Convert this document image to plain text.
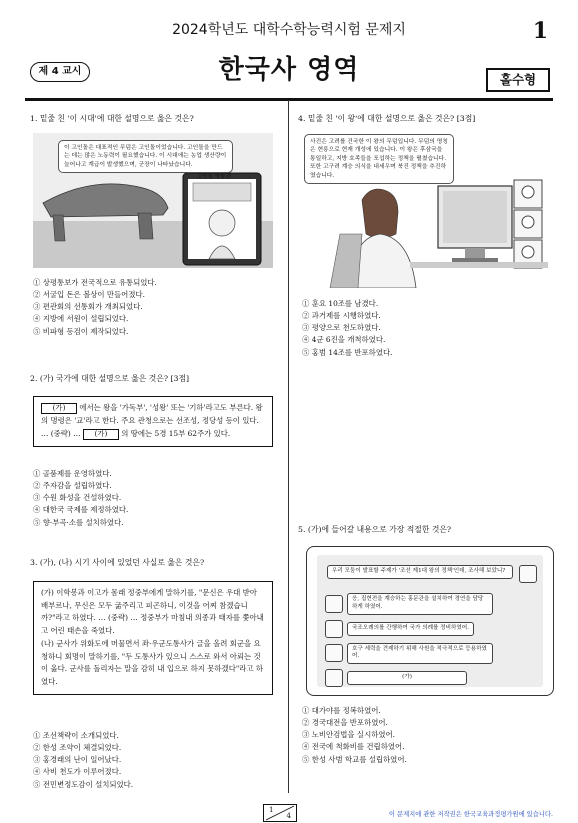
2024학년도 대학수학능력시험 문제지	1
제 4 교시	한국사 영역	홀수형
1. 밑줄 친 '이 시대'에 대한 설명으로 옳은 것은?
이 고인돌은 대표적인 무덤은 고인돌이었습니다. 고인돌을 만드는 데는 많은 노동력이 필요했습니다. 이 시대에는 농업 생산량이 늘어나고 계급이 발생했으며, 군장이 나타났습니다.
고인돌 박물관
① 상평통보가 전국적으로 유통되었다.
② 서굴입 돈은 볼상이 만들어졌다.
③ 편관회의 선통회가 개최되었다.
④ 지방에 서원이 설립되었다.
⑤ 비파형 동검이 제작되었다.
2. (가) 국가에 대한 설명으로 옳은 것은? [3점]
(가) 에서는 왕을 '가독부', '성왕' 또는 '기하'라고도 부른다. 왕의 명령은 '교'라고 한다. 주요 관청으로는 선조성, 정당성 등이 있다. … (중략) … (가) 의 땅에는 5경 15부 62주가 있다.
① 골품제를 운영하였다.
② 주자감을 설립하였다.
③ 수원 화성을 건설하였다.
④ 대한국 국제를 제정하였다.
⑤ 향·부곡·소를 설치하였다.
3. (가), (나) 시기 사이에 있었던 사실로 옳은 것은?
(가) 이학봉과 이고가 몸래 정중부에게 말하기를, "문신은 우대 받아 배부르나, 무신은 모두 굶주리고 피곤하니, 이것을 어찌 참겠습니까?"라고 하였다. … (중략) … 정중부가 마침내 의종과 태자를 쫓아내고 어린 태손을 죽였다.
(나) 군사가 위화도에 머물면서 좌·우군도통사가 글을 올려 회군을 요청하니 회명이 말하기를, "두 도통사가 있으니 스스로 와서 아뢰는 것이 옳다. 군사를 돌리자는 말을 감히 내 입으로 하지 못하겠다"라고 하였다.
① 조선책략이 소개되었다.
② 한성 조약이 체결되었다.
③ 홍경래의 난이 일어났다.
④ 사비 천도가 이루어졌다.
⑤ 전민변정도감이 설치되었다.
4. 밑줄 친 '이 왕'에 대한 설명으로 옳은 것은? [3점]
사진은 고려를 건국한 이 왕의 무덤입니다. 무덤의 명칭은 현릉으로 현재 개성에 있습니다. 이 왕은 후삼국을 통일하고, 지방 호족들을 포섭하는 정책을 펼쳤습니다. 또한 고구려 계승 의식을 내세우며 북진 정책을 추진하였습니다.
① 훈요 10조를 남겼다.
② 과거제를 시행하였다.
③ 평양으로 천도하였다.
④ 4군 6진을 개척하였다.
⑤ 홍범 14조를 반포하였다.
5. (가)에 들어갈 내용으로 가장 적절한 것은?
우리 모둠이 발표할 주제가 '조선 제1대 왕의 정책'인데, 조사해 보았니?
응, 집현전을 계승하는 홍문관을 설치하여 경연을 담당하게 하였어.
국조오례의를 간행하여 국가 의례를 정비하였어.
호구 세력을 견제하기 위해 사원을 적극적으로 등용하였어.
(가)
① 대가야를 정복하였어.
② 경국대전을 반포하였어.
③ 노비안검법을 실시하였어.
④ 전국에 척화비를 건립하였어.
⑤ 한성 사범 학교를 설립하였어.
1
4	이 문제지에 관한 저작권은 한국교육과정평가원에 있습니다.
